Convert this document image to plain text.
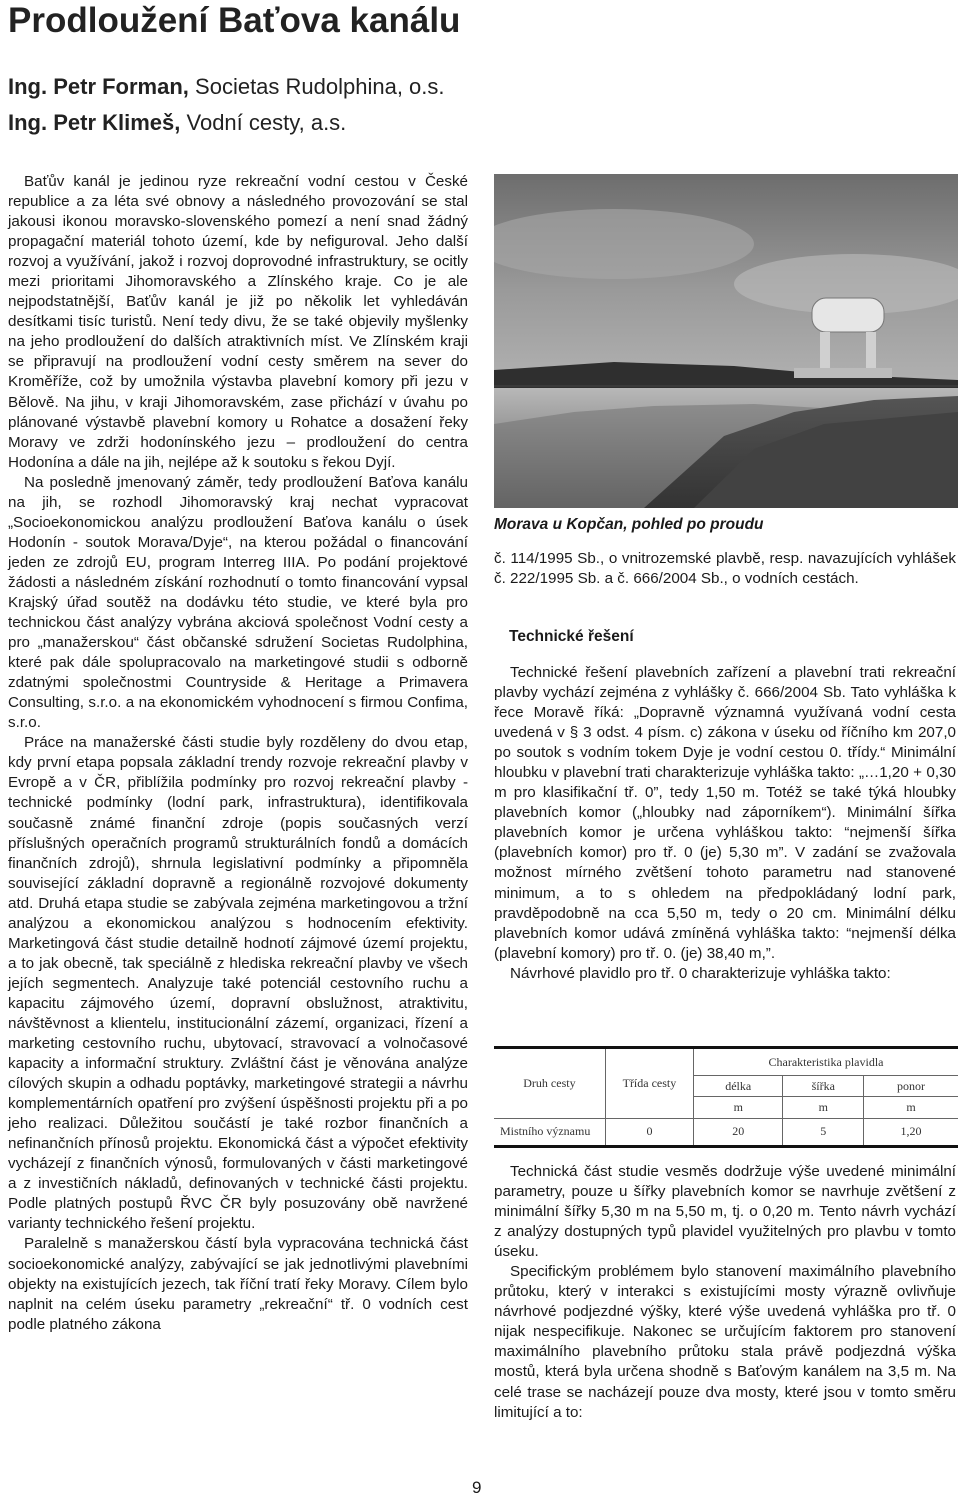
Prodloužení Baťova kanálu
Ing. Petr Forman, Societas Rudolphina, o.s.
Ing. Petr Klimeš, Vodní cesty, a.s.

Baťův kanál je jedinou ryze rekreační vodní cestou v České republice a za léta své obnovy a následného provozování se stal jakousi ikonou moravsko-slovenského pomezí a není snad žádný propagační materiál tohoto území, kde by nefiguroval. Jeho další rozvoj a využívání, jakož i rozvoj doprovodné infrastruktury, se ocitly mezi prioritami Jihomoravského a Zlínského kraje. Co je ale nejpodstatnější, Baťův kanál je již po několik let vyhledáván desítkami tisíc turistů. Není tedy divu, že se také objevily myšlenky na jeho prodloužení do dalších atraktivních míst. Ve Zlínském kraji se připravují na prodloužení vodní cesty směrem na sever do Kroměříže, což by umožnila výstavba plavební komory při jezu v Bělově. Na jihu, v kraji Jihomoravském, zase přichází v úvahu po plánované výstavbě plavební komory u Rohatce a dosažení řeky Moravy ve zdrži hodonínského jezu – prodloužení do centra Hodonína a dále na jih, nejlépe až k soutoku s řekou Dyjí.

Na posledně jmenovaný záměr, tedy prodloužení Baťova kanálu na jih, se rozhodl Jihomoravský kraj nechat vypracovat „Socioekonomickou analýzu prodloužení Baťova kanálu o úsek Hodonín - soutok Morava/Dyje“, na kterou požádal o financování jeden ze zdrojů EU, program Interreg IIIA. Po podání projektové žádosti a následném získání rozhodnutí o tomto financování vypsal Krajský úřad soutěž na dodávku této studie, ve které byla pro technickou část analýzy vybrána akciová společnost Vodní cesty a pro „manažerskou“ část občanské sdružení Societas Rudolphina, které pak dále spolupracovalo na marketingové studii s odborně zdatnými společnostmi Countryside & Heritage a Primavera Consulting, s.r.o. a na ekonomickém vyhodnocení s firmou Confima, s.r.o.

Práce na manažerské části studie byly rozděleny do dvou etap, kdy první etapa popsala základní trendy rozvoje rekreační plavby v Evropě a v ČR, přiblížila podmínky pro rozvoj rekreační plavby - technické podmínky (lodní park, infrastruktura), identifikovala současně známé finanční zdroje (popis současných verzí příslušných operačních programů strukturálních fondů a domácích finančních zdrojů), shrnula legislativní podmínky a připomněla související základní dopravně a regionálně rozvojové dokumenty atd. Druhá etapa studie se zabývala zejména marketingovou a tržní analýzou a ekonomickou analýzou s hodnocením efektivity. Marketingová část studie detailně hodnotí zájmové území projektu, a to jak obecně, tak speciálně z hlediska rekreační plavby ve všech jejích segmentech. Analyzuje také potenciál cestovního ruchu a kapacitu zájmového území, dopravní obslužnost, atraktivitu, návštěvnost a klientelu, institucionální zázemí, organizaci, řízení a marketing cestovního ruchu, ubytovací, stravovací a volnočasové kapacity a informační struktury. Zvláštní část je věnována analýze cílových skupin a odhadu poptávky, marketingové strategii a návrhu komplementárních opatření pro zvýšení úspěšnosti projektu při a po jeho realizaci. Důležitou součástí je také rozbor finančních a nefinančních přínosů projektu. Ekonomická část a výpočet efektivity vycházejí z finančních výnosů, formulovaných v části marketingové a z investičních nákladů, definovaných v technické části projektu. Podle platných postupů ŘVC ČR byly posuzovány obě navržené varianty technického řešení projektu.

Paralelně s manažerskou částí byla vypracována technická část socioekonomické analýzy, zabývající se jak jednotlivými plavebními objekty na existujících jezech, tak říční tratí řeky Moravy. Cílem bylo naplnit na celém úseku parametry „rekreační“ tř. 0 vodních cest podle platného zákona

Morava u Kopčan, pohled po proudu

č. 114/1995 Sb., o vnitrozemské plavbě, resp. navazujících vyhlášek č. 222/1995 Sb. a č. 666/2004 Sb., o vodních cestách.

Technické řešení

Technické řešení plavebních zařízení a plavební trati rekreační plavby vychází zejména z vyhlášky č. 666/2004 Sb. Tato vyhláška k řece Moravě říká: „Dopravně významná využívaná vodní cesta uvedená v § 3 odst. 4 písm. c) zákona v úseku od říčního km 207,0 po soutok s vodním tokem Dyje je vodní cestou 0. třídy.“ Minimální hloubku v plavební trati charakterizuje vyhláška takto: „…1,20 + 0,30 m pro klasifikační tř. 0”, tedy 1,50 m. Totéž se také týká hloubky plavebních komor („hloubky nad záporníkem“). Minimální šířka plavebních komor je určena vyhláškou takto: “nejmenší šířka (plavebních komor) pro tř. 0 (je) 5,30 m”. V zadání se zvažovala možnost mírného zvětšení tohoto parametru nad stanovené minimum, a to s ohledem na předpokládaný lodní park, pravděpodobně na cca 5,50 m, tedy o 20 cm. Minimální délku plavebních komor udává zmíněná vyhláška takto: “nejmenší délka (plavební komory) pro tř. 0. (je) 38,40 m,”.

Návrhové plavidlo pro tř. 0 charakterizuje vyhláška takto:

Druh cesty	Třída cesty	Charakteristika plavidla		
		délka	šířka	ponor
		m	m	m
Mistního významu	0	20	5	1,20

Technická část studie vesměs dodržuje výše uvedené minimální parametry, pouze u šířky plavebních komor se navrhuje zvětšení z minimální šířky 5,30 m na 5,50 m, tj. o 0,20 m. Tento návrh vychází z analýzy dostupných typů plavidel využitelných pro plavbu v tomto úseku.

Specifickým problémem bylo stanovení maximálního plavebního průtoku, který v interakci s existujícími mosty výrazně ovlivňuje návrhové podjezdné výšky, které výše uvedená vyhláška pro tř. 0 nijak nespecifikuje. Nakonec se určujícím faktorem pro stanovení maximálního plavebního průtoku stala právě podjezdná výška mostů, která byla určena shodně s Baťovým kanálem na 3,5 m. Na celé trase se nacházejí pouze dva mosty, které jsou v tomto směru limitující a to:

9
